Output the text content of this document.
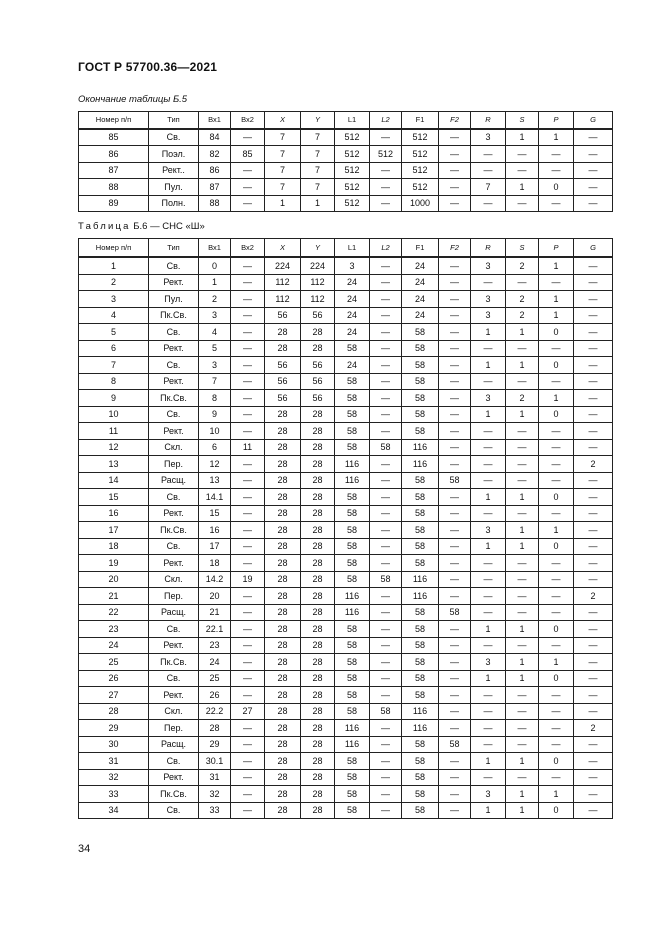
ГОСТ Р 57700.36—2021
Окончание таблицы Б.5
Номер п/п	Тип	Вх1	Вх2	X	Y	L1	L2	F1	F2	R	S	P	G
85	Св.	84	—	7	7	512	—	512	—	3	1	1	—
86	Поэл.	82	85	7	7	512	512	512	—	—	—	—	—
87	Рект..	86	—	7	7	512	—	512	—	—	—	—	—
88	Пул.	87	—	7	7	512	—	512	—	7	1	0	—
89	Полн.	88	—	1	1	512	—	1000	—	—	—	—	—
Таблица Б.6 — СНС «Ш»
Номер п/п	Тип	Вх1	Вх2	X	Y	L1	L2	F1	F2	R	S	P	G
1	Св.	0	—	224	224	3	—	24	—	3	2	1	—
2	Рект.	1	—	112	112	24	—	24	—	—	—	—	—
3	Пул.	2	—	112	112	24	—	24	—	3	2	1	—
4	Пк.Св.	3	—	56	56	24	—	24	—	3	2	1	—
5	Св.	4	—	28	28	24	—	58	—	1	1	0	—
6	Рект.	5	—	28	28	58	—	58	—	—	—	—	—
7	Св.	3	—	56	56	24	—	58	—	1	1	0	—
8	Рект.	7	—	56	56	58	—	58	—	—	—	—	—
9	Пк.Св.	8	—	56	56	58	—	58	—	3	2	1	—
10	Св.	9	—	28	28	58	—	58	—	1	1	0	—
11	Рект.	10	—	28	28	58	—	58	—	—	—	—	—
12	Скл.	6	11	28	28	58	58	116	—	—	—	—	—
13	Пер.	12	—	28	28	116	—	116	—	—	—	—	2
14	Расщ.	13	—	28	28	116	—	58	58	—	—	—	—
15	Св.	14.1	—	28	28	58	—	58	—	1	1	0	—
16	Рект.	15	—	28	28	58	—	58	—	—	—	—	—
17	Пк.Св.	16	—	28	28	58	—	58	—	3	1	1	—
18	Св.	17	—	28	28	58	—	58	—	1	1	0	—
19	Рект.	18	—	28	28	58	—	58	—	—	—	—	—
20	Скл.	14.2	19	28	28	58	58	116	—	—	—	—	—
21	Пер.	20	—	28	28	116	—	116	—	—	—	—	2
22	Расщ.	21	—	28	28	116	—	58	58	—	—	—	—
23	Св.	22.1	—	28	28	58	—	58	—	1	1	0	—
24	Рект.	23	—	28	28	58	—	58	—	—	—	—	—
25	Пк.Св.	24	—	28	28	58	—	58	—	3	1	1	—
26	Св.	25	—	28	28	58	—	58	—	1	1	0	—
27	Рект.	26	—	28	28	58	—	58	—	—	—	—	—
28	Скл.	22.2	27	28	28	58	58	116	—	—	—	—	—
29	Пер.	28	—	28	28	116	—	116	—	—	—	—	2
30	Расщ.	29	—	28	28	116	—	58	58	—	—	—	—
31	Св.	30.1	—	28	28	58	—	58	—	1	1	0	—
32	Рект.	31	—	28	28	58	—	58	—	—	—	—	—
33	Пк.Св.	32	—	28	28	58	—	58	—	3	1	1	—
34	Св.	33	—	28	28	58	—	58	—	1	1	0	—
34
